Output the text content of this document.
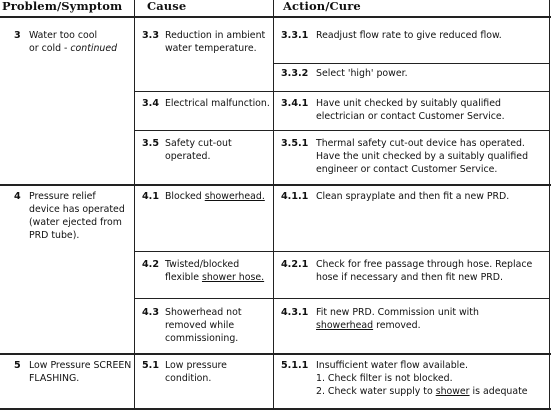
Problem/Symptom Cause	Action/Cure
3 Water too cool
or cold - continued
3.3 Reduction in ambient
water temperature.
3.3.1 Readjust flow rate to give reduced flow.
3.3.2 Select 'high' power.
3.4 Electrical malfunction. 3.4.1 Have unit checked by suitably qualified
electrician or contact Customer Service.
3.5 Safety cut-out
operated.
3.5.1 Thermal safety cut-out device has operated.
Have the unit checked by a suitably qualified
engineer or contact Customer Service.
4 Pressure relief
device has operated
(water ejected from
PRD tube).
4.1 Blocked showerhead. 4.1.1 Clean sprayplate and then fit a new PRD.
4.2 Twisted/blocked
flexible shower hose.
4.2.1 Check for free passage through hose. Replace
hose if necessary and then fit new PRD.
4.3 Showerhead not
removed while
commissioning.
4.3.1 Fit new PRD. Commission unit with
showerhead removed.
5 Low Pressure SCREEN
FLASHING.
5.1 Low pressure
condition.
5.1.1 Insufficient water flow available.
1. Check filter is not blocked.
2. Check water supply to shower is adequate
